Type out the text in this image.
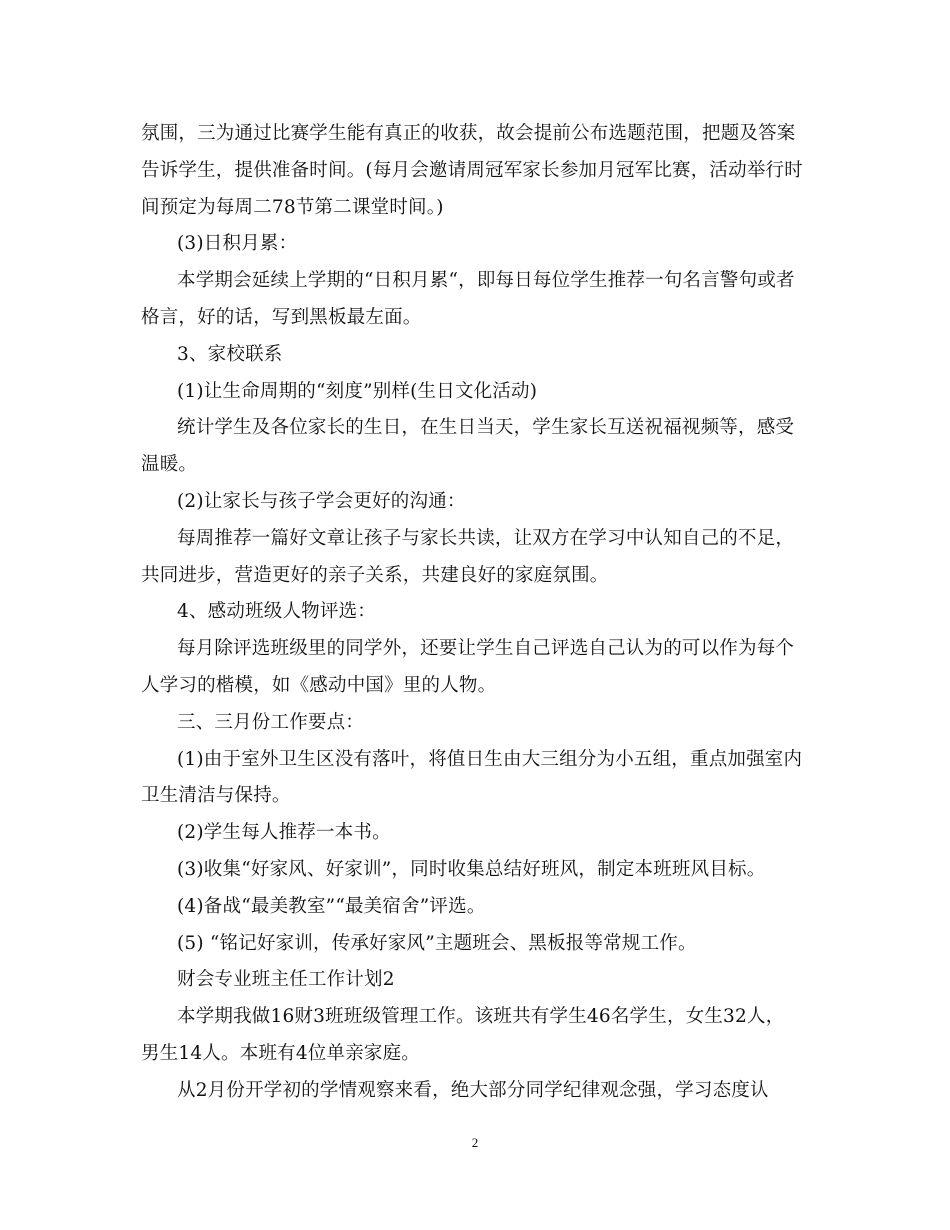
氛围，三为通过比赛学生能有真正的收获，故会提前公布选题范围，把题及答案
告诉学生，提供准备时间。(每月会邀请周冠军家长参加月冠军比赛，活动举行时
间预定为每周二78节第二课堂时间。)
(3)日积月累：
本学期会延续上学期的“日积月累“，即每日每位学生推荐一句名言警句或者
格言，好的话，写到黑板最左面。
3、家校联系
(1)让生命周期的“刻度”别样(生日文化活动)
统计学生及各位家长的生日，在生日当天，学生家长互送祝福视频等，感受
温暖。
(2)让家长与孩子学会更好的沟通：
每周推荐一篇好文章让孩子与家长共读，让双方在学习中认知自己的不足，
共同进步，营造更好的亲子关系，共建良好的家庭氛围。
4、感动班级人物评选：
每月除评选班级里的同学外，还要让学生自己评选自己认为的可以作为每个
人学习的楷模，如《感动中国》里的人物。
三、三月份工作要点：
(1)由于室外卫生区没有落叶，将值日生由大三组分为小五组，重点加强室内
卫生清洁与保持。
(2)学生每人推荐一本书。
(3)收集“好家风、好家训”，同时收集总结好班风，制定本班班风目标。
(4)备战“最美教室”“最美宿舍”评选。
(5) “铭记好家训，传承好家风”主题班会、黑板报等常规工作。
财会专业班主任工作计划2
本学期我做16财3班班级管理工作。该班共有学生46名学生，女生32人，
男生14人。本班有4位单亲家庭。
从2月份开学初的学情观察来看，绝大部分同学纪律观念强，学习态度认
2
